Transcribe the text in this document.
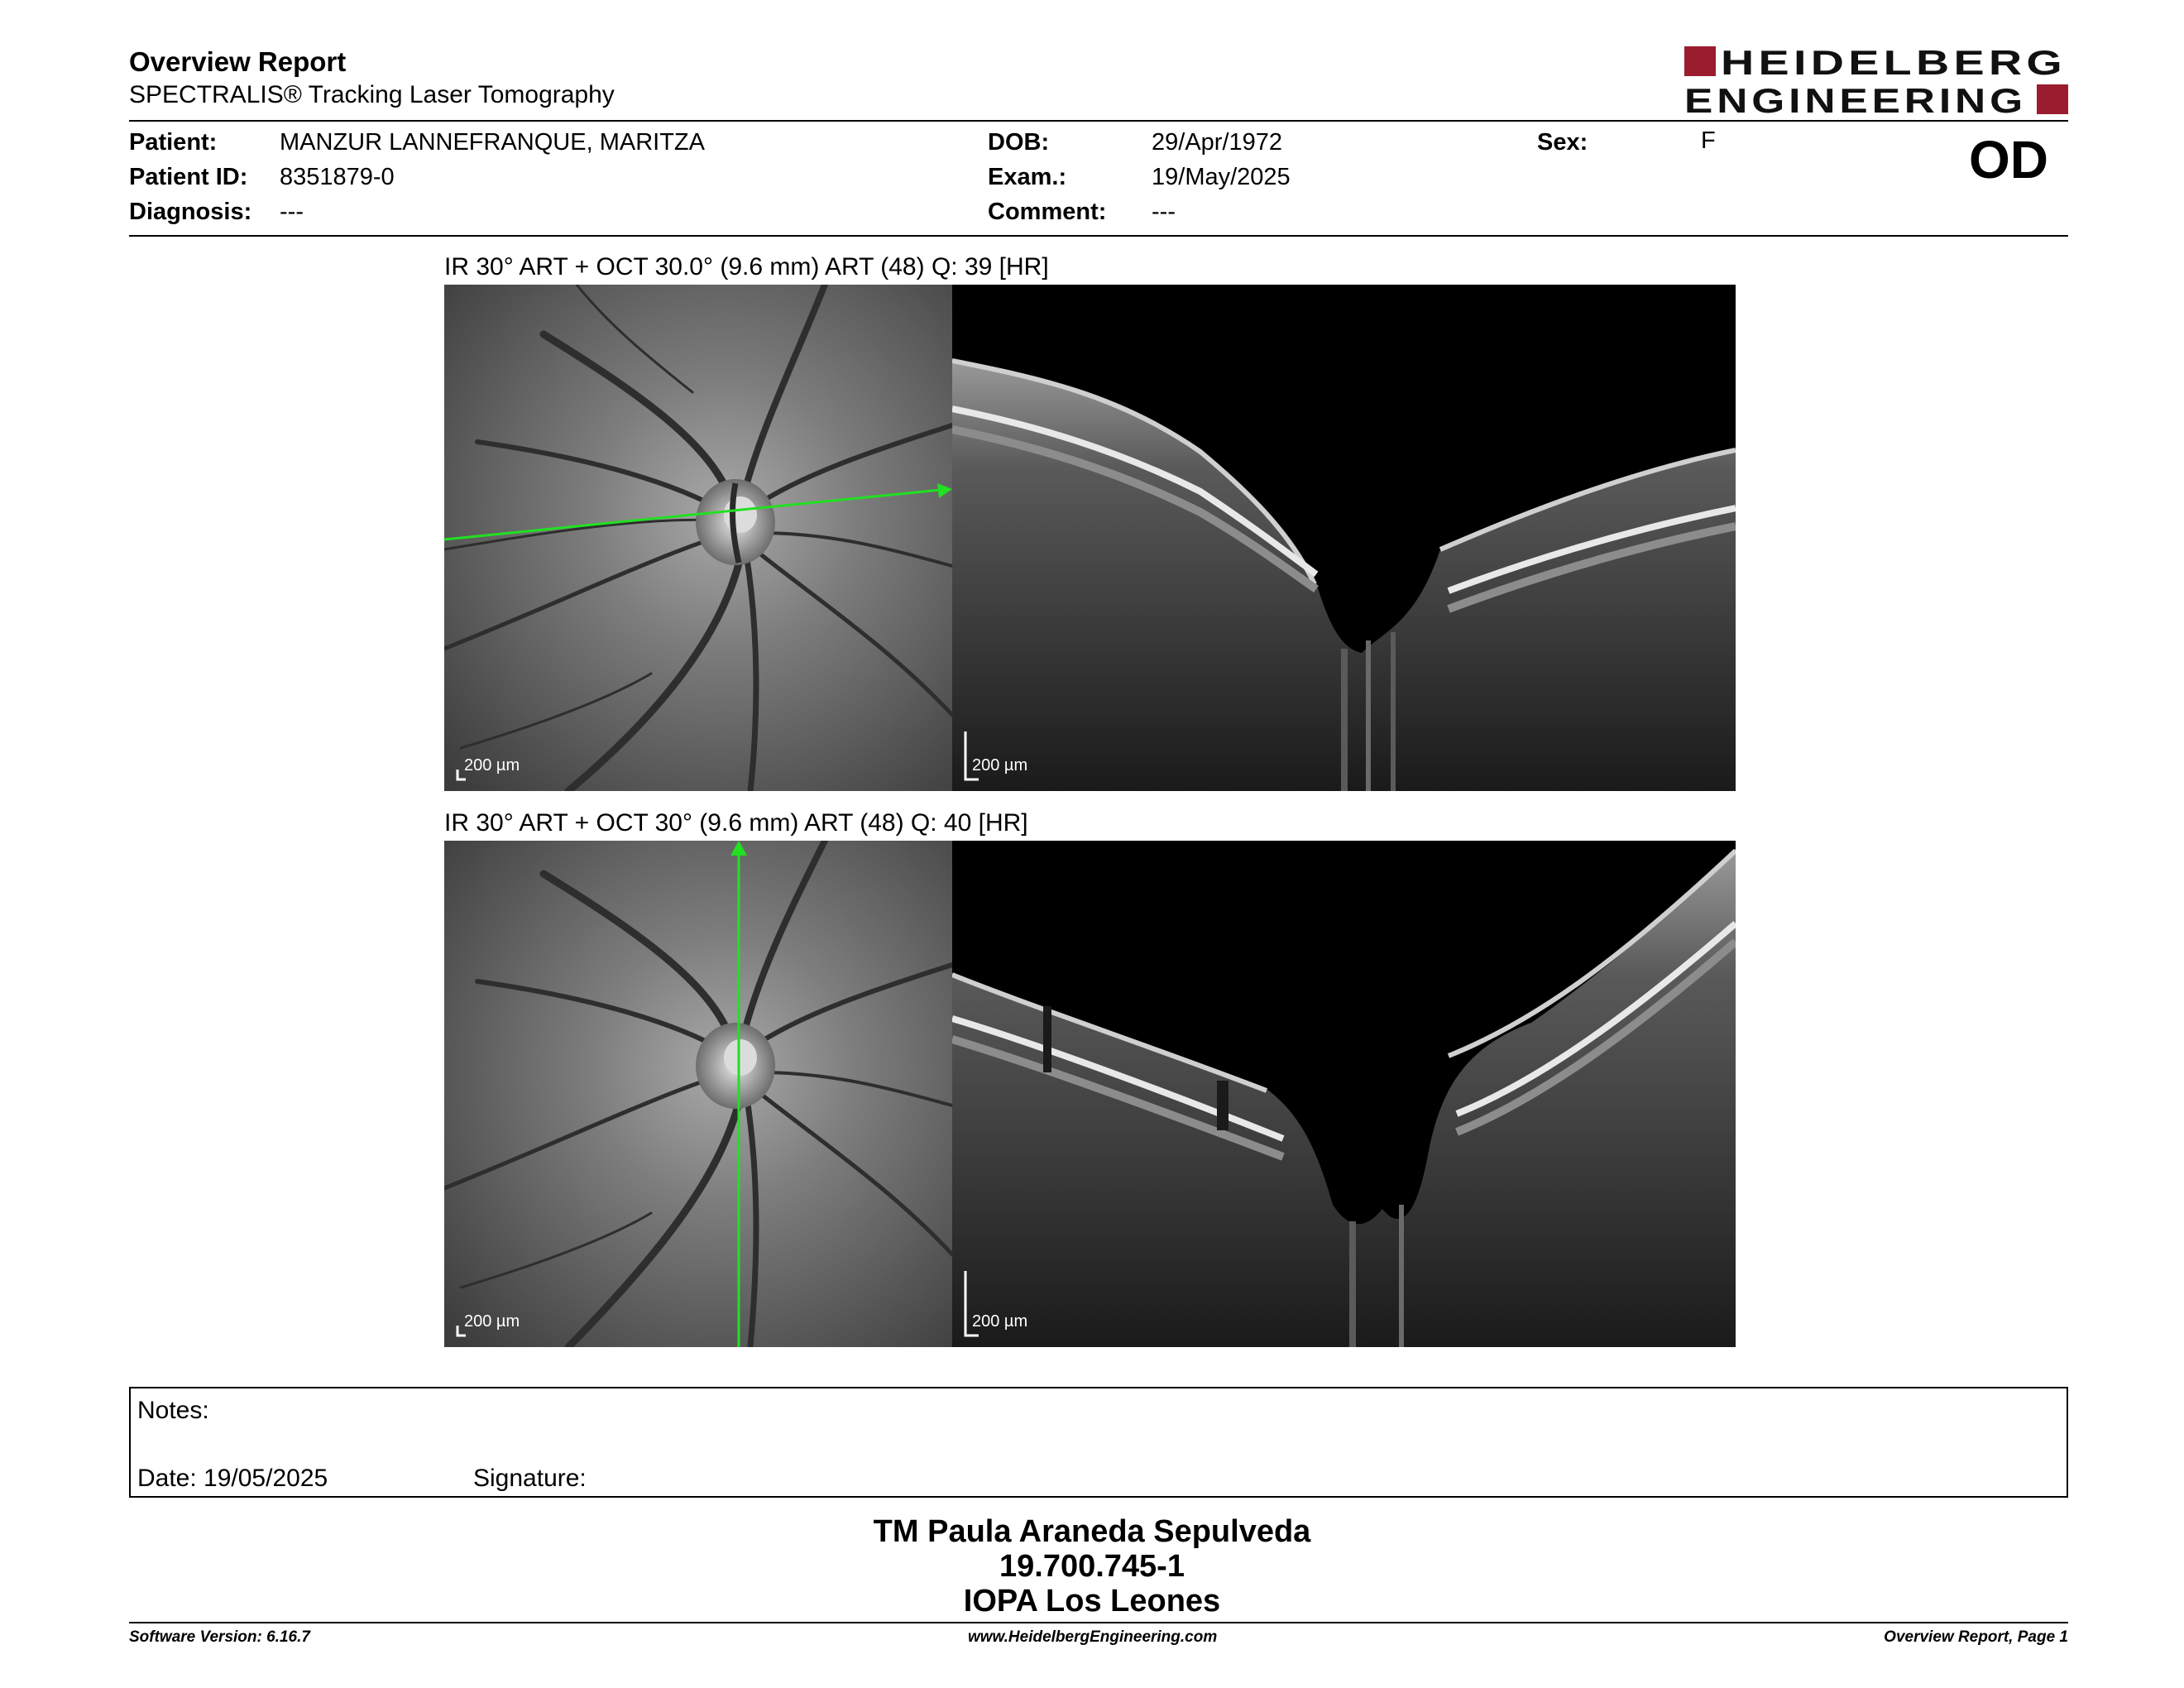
Overview Report
SPECTRALIS® Tracking Laser Tomography
HEIDELBERG
ENGINEERING
Patient:	MANZUR LANNEFRANQUE, MARITZA
Patient ID: 8351879-0
Diagnosis: ---
DOB:	29/Apr/1972
Exam.:	19/May/2025
Comment: ---
Sex:	F	OD
IR 30° ART + OCT 30.0° (9.6 mm) ART (48) Q: 39 [HR]
200 µm	200 µm
IR 30° ART + OCT 30° (9.6 mm) ART (48) Q: 40 [HR]
200 µm	200 µm
Notes:
Date: 19/05/2025	Signature:
TM Paula Araneda Sepulveda
19.700.745-1
IOPA Los Leones
Software Version: 6.16.7	www.HeidelbergEngineering.com	Overview Report, Page 1
